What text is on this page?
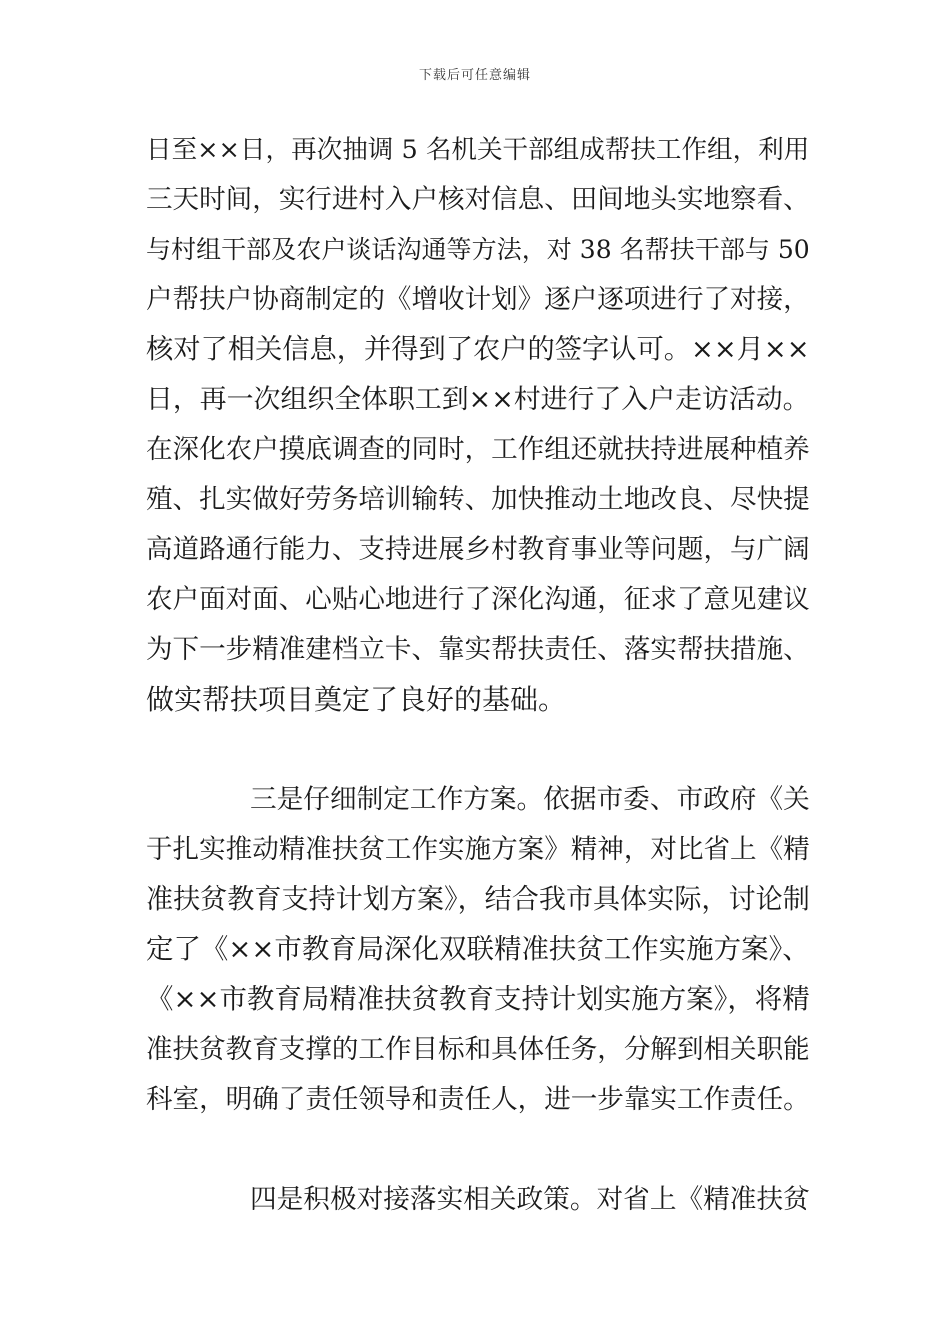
下载后可任意编辑
日至××日，再次抽调 5 名机关干部组成帮扶工作组，利用
三天时间，实行进村入户核对信息、田间地头实地察看、
与村组干部及农户谈话沟通等方法，对 38 名帮扶干部与 50
户帮扶户协商制定的《增收计划》逐户逐项进行了对接，
核对了相关信息，并得到了农户的签字认可。××月××
日，再一次组织全体职工到××村进行了入户走访活动。
在深化农户摸底调查的同时，工作组还就扶持进展种植养
殖、扎实做好劳务培训输转、加快推动土地改良、尽快提
高道路通行能力、支持进展乡村教育事业等问题，与广阔
农户面对面、心贴心地进行了深化沟通，征求了意见建议
为下一步精准建档立卡、靠实帮扶责任、落实帮扶措施、
做实帮扶项目奠定了良好的基础。
三是仔细制定工作方案。依据市委、市政府《关
于扎实推动精准扶贫工作实施方案》精神，对比省上《精
准扶贫教育支持计划方案》，结合我市具体实际，讨论制
定了《××市教育局深化双联精准扶贫工作实施方案》、
《××市教育局精准扶贫教育支持计划实施方案》，将精
准扶贫教育支撑的工作目标和具体任务，分解到相关职能
科室，明确了责任领导和责任人，进一步靠实工作责任。
四是积极对接落实相关政策。对省上《精准扶贫
